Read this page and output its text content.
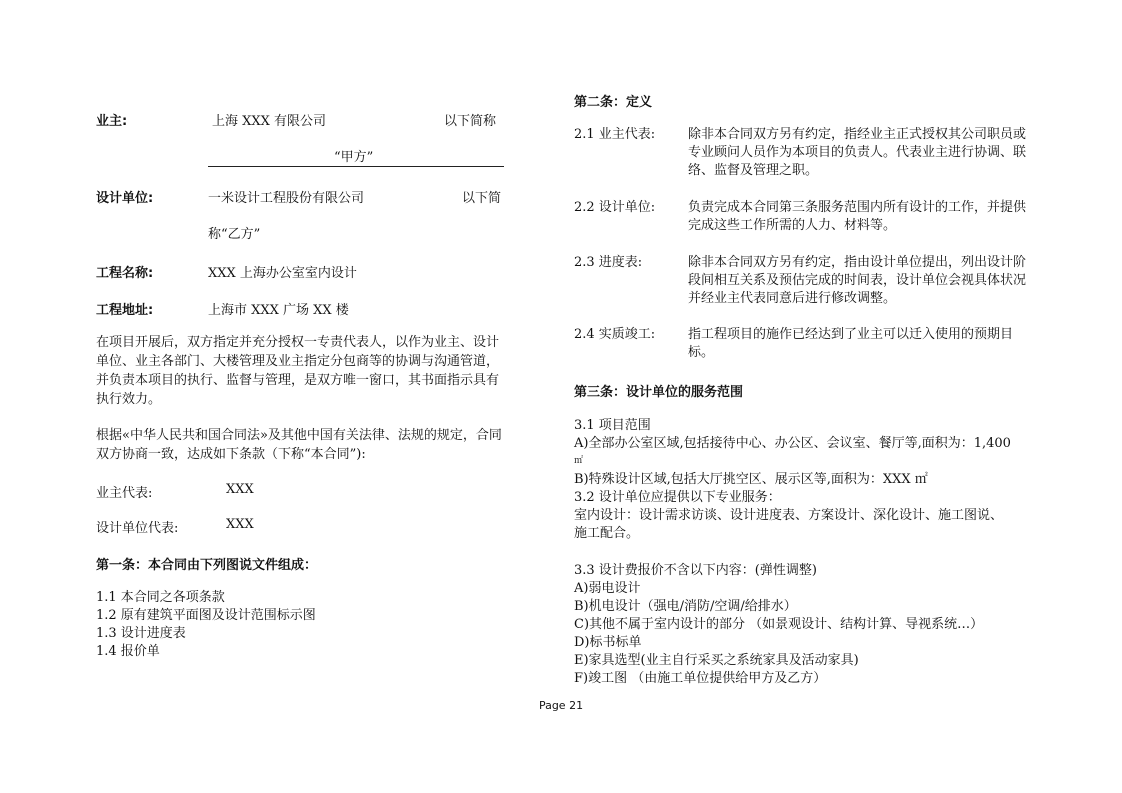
业主:	上海 XXX 有限公司	以下简称
“甲方”
设计单位:	一米设计工程股份有限公司	以下简
称“乙方”
工程名称:	XXX 上海办公室室内设计
工程地址:	上海市 XXX 广场 XX 楼
在项目开展后，双方指定并充分授权一专责代表人，以作为业主、设计单位、业主各部门、大楼管理及业主指定分包商等的协调与沟通管道，并负责本项目的执行、监督与管理，是双方唯一窗口，其书面指示具有执行效力。
根据«中华人民共和国合同法»及其他中国有关法律、法规的规定，合同双方协商一致，达成如下条款（下称“本合同”):
业主代表:	XXX
设计单位代表:	XXX
第一条：本合同由下列图说文件组成：
1.1 本合同之各项条款
1.2 原有建筑平面图及设计范围标示图
1.3 设计进度表
1.4 报价单
第二条：定义
2.1 业主代表:	除非本合同双方另有约定，指经业主正式授权其公司职员或专业顾问人员作为本项目的负责人。代表业主进行协调、联络、监督及管理之职。
2.2 设计单位:	负责完成本合同第三条服务范围内所有设计的工作，并提供完成这些工作所需的人力、材料等。
2.3 进度表:	除非本合同双方另有约定，指由设计单位提出，列出设计阶段间相互关系及预估完成的时间表，设计单位会视具体状况并经业主代表同意后进行修改调整。
2.4 实质竣工:	指工程项目的施作已经达到了业主可以迁入使用的预期目标。
第三条：设计单位的服务范围
3.1 项目范围
A)全部办公室区域,包括接待中心、办公区、会议室、餐厅等,面积为：1,400
㎡
B)特殊设计区域,包括大厅挑空区、展示区等,面积为：XXX ㎡
3.2 设计单位应提供以下专业服务：
室内设计：设计需求访谈、设计进度表、方案设计、深化设计、施工图说、
施工配合。
3.3 设计费报价不含以下内容：(弹性调整)
A)弱电设计
B)机电设计（强电/消防/空调/给排水）
C)其他不属于室内设计的部分 （如景观设计、结构计算、导视系统…）
D)标书标单
E)家具选型(业主自行采买之系统家具及活动家具)
F)竣工图 （由施工单位提供给甲方及乙方）
Page 21
